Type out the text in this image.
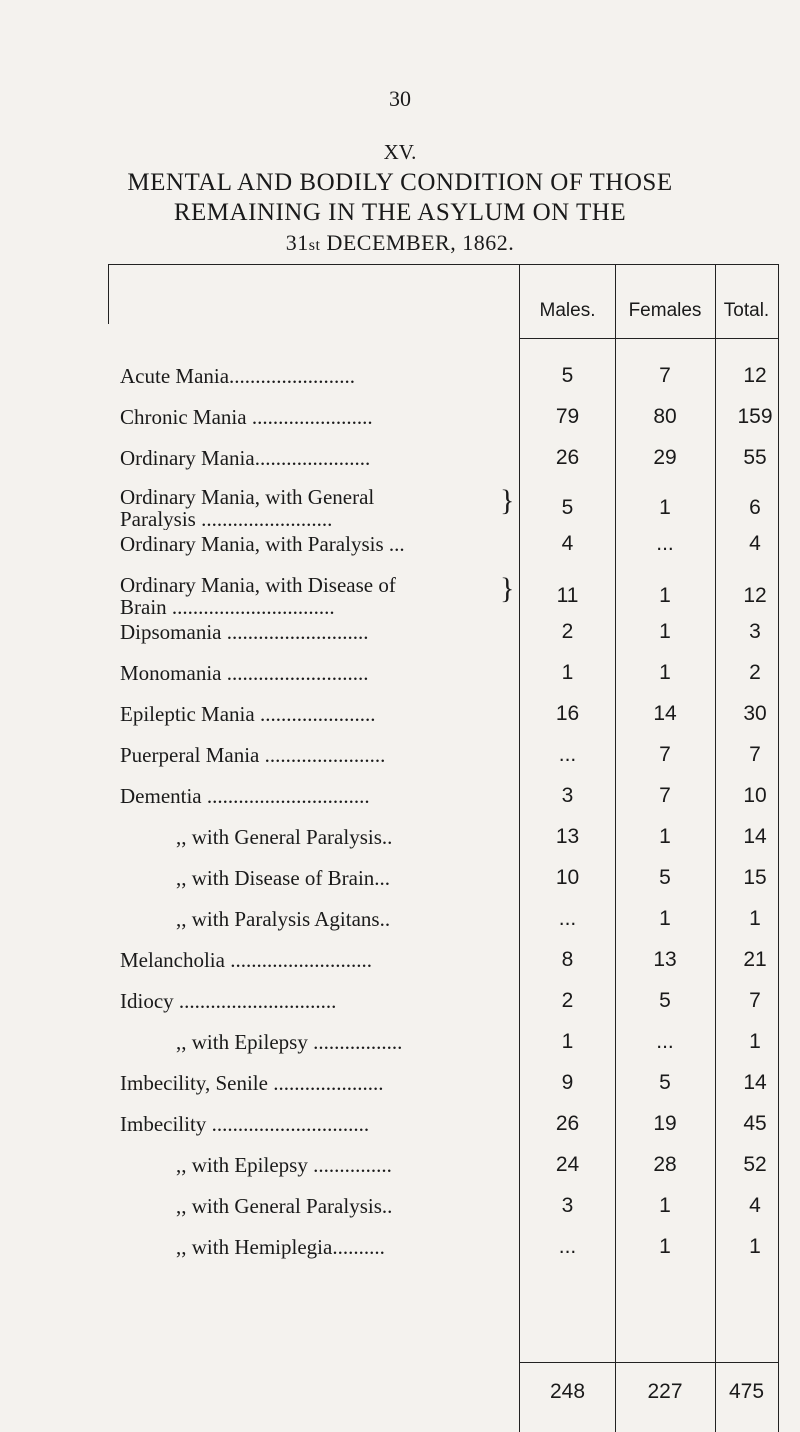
30
XV.
MENTAL AND BODILY CONDITION OF THOSE
REMAINING IN THE ASYLUM ON THE
31st DECEMBER, 1862.
Males.	Females	Total.
Acute Mania........................	5	7	12
Chronic Mania .......................	79	80	159
Ordinary Mania......................	26	29	55
Ordinary Mania, with General
Paralysis .........................
}	5	1	6
Ordinary Mania, with Paralysis ...	4	...	4
Ordinary Mania, with Disease of
Brain ...............................
}	11	1	12
Dipsomania ...........................	2	1	3
Monomania ...........................	1	1	2
Epileptic Mania ......................	16	14	30
Puerperal Mania .......................	...	7	7
Dementia ...............................	3	7	10
,, with General Paralysis..	13	1	14
,, with Disease of Brain...	10	5	15
,, with Paralysis Agitans..	...	1	1
Melancholia ...........................	8	13	21
Idiocy ..............................	2	5	7
,, with Epilepsy .................	1	...	1
Imbecility, Senile .....................	9	5	14
Imbecility ..............................	26	19	45
,, with Epilepsy ...............	24	28	52
,, with General Paralysis..	3	1	4
,, with Hemiplegia..........	...	1	1
248	227	475
